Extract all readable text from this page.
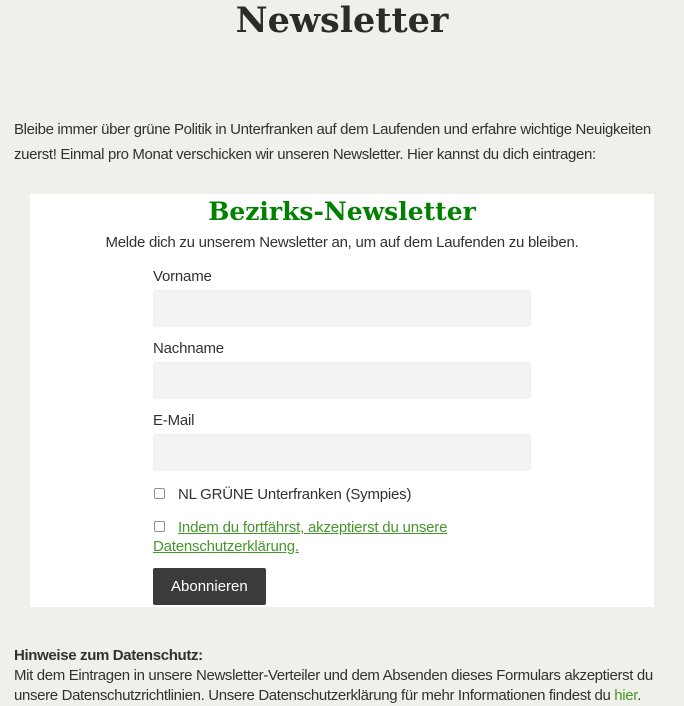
Newsletter

Bleibe immer über grüne Politik in Unterfranken auf dem Laufenden und erfahre wichtige Neuigkeiten zuerst! Einmal pro Monat verschicken wir unseren Newsletter. Hier kannst du dich eintragen:

Bezirks-Newsletter

Melde dich zu unserem Newsletter an, um auf dem Laufenden zu bleiben.

Vorname
Nachname
E-Mail
NL GRÜNE Unterfranken (Sympies)
Indem du fortfährst, akzeptierst du unsere Datenschutzerklärung.
Abonnieren

Hinweise zum Datenschutz:

Mit dem Eintragen in unsere Newsletter-Verteiler und dem Absenden dieses Formulars akzeptierst du unsere Datenschutzrichtlinien. Unsere Datenschutzerklärung für mehr Informationen findest du hier.
